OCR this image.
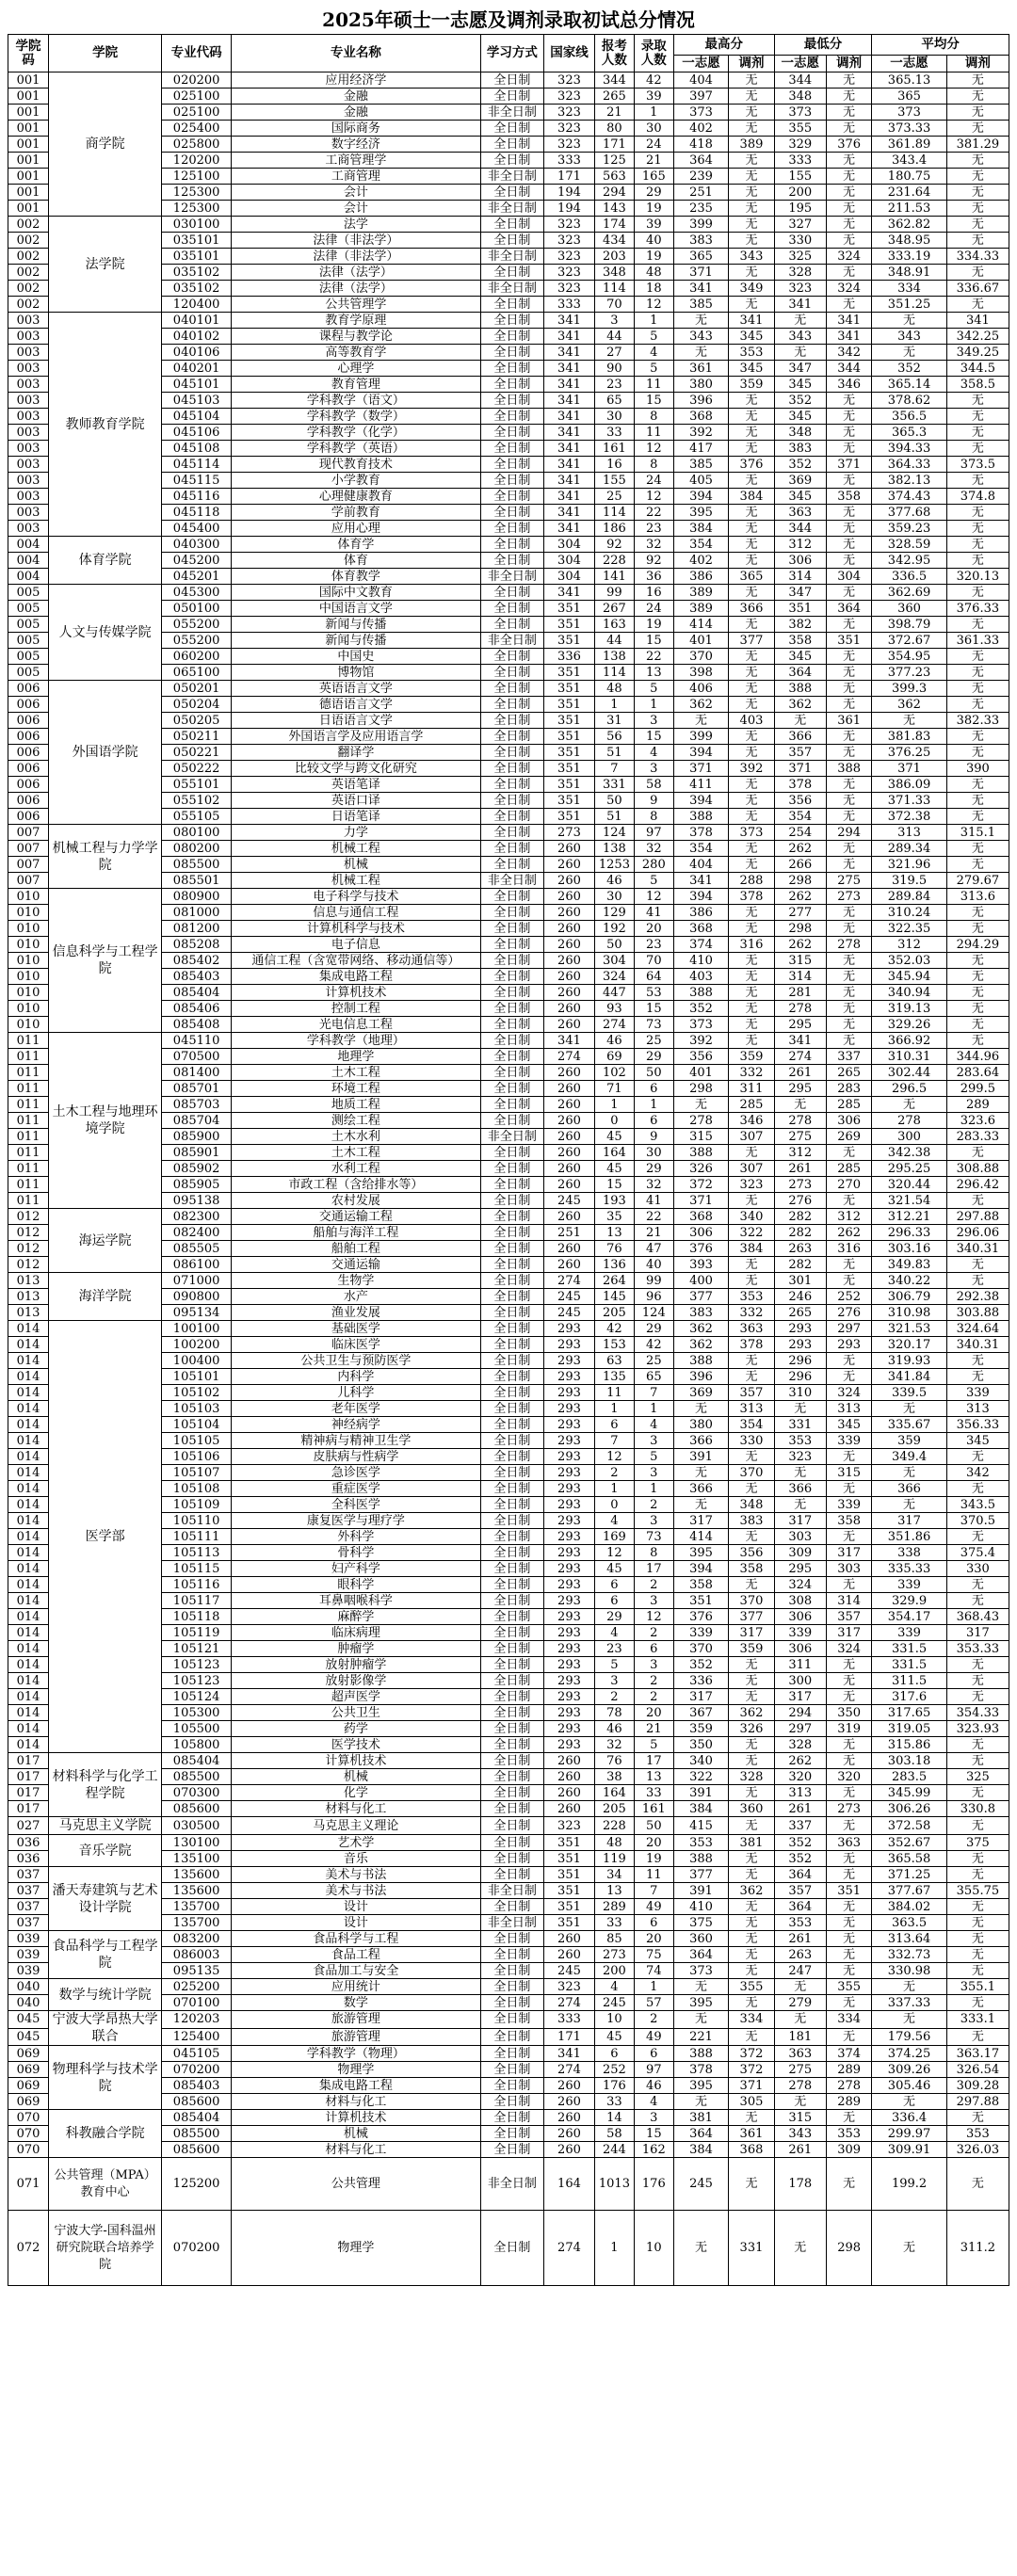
2025年硕士一志愿及调剂录取初试总分情况
学院码	学院	专业代码	专业名称	学习方式	国家线	报考人数	录取人数	最高分		最低分		平均分	
								一志愿	调剂	一志愿	调剂	一志愿	调剂
001	商学院	020200	应用经济学	全日制	323	344	42	404	无	344	无	365.13	无
001		025100	金融	全日制	323	265	39	397	无	348	无	365	无
001		025100	金融	非全日制	323	21	1	373	无	373	无	373	无
001		025400	国际商务	全日制	323	80	30	402	无	355	无	373.33	无
001		025800	数字经济	全日制	323	171	24	418	389	329	376	361.89	381.29
001		120200	工商管理学	全日制	333	125	21	364	无	333	无	343.4	无
001		125100	工商管理	非全日制	171	563	165	239	无	155	无	180.75	无
001		125300	会计	全日制	194	294	29	251	无	200	无	231.64	无
001		125300	会计	非全日制	194	143	19	235	无	195	无	211.53	无
002	法学院	030100	法学	全日制	323	174	39	399	无	327	无	362.82	无
002		035101	法律（非法学）	全日制	323	434	40	383	无	330	无	348.95	无
002		035101	法律（非法学）	非全日制	323	203	19	365	343	325	324	333.19	334.33
002		035102	法律（法学）	全日制	323	348	48	371	无	328	无	348.91	无
002		035102	法律（法学）	非全日制	323	114	18	341	349	323	324	334	336.67
002		120400	公共管理学	全日制	333	70	12	385	无	341	无	351.25	无
003	教师教育学院	040101	教育学原理	全日制	341	3	1	无	341	无	341	无	341
003		040102	课程与教学论	全日制	341	44	5	343	345	343	341	343	342.25
003		040106	高等教育学	全日制	341	27	4	无	353	无	342	无	349.25
003		040201	心理学	全日制	341	90	5	361	345	347	344	352	344.5
003		045101	教育管理	全日制	341	23	11	380	359	345	346	365.14	358.5
003		045103	学科教学（语文）	全日制	341	65	15	396	无	352	无	378.62	无
003		045104	学科教学（数学）	全日制	341	30	8	368	无	345	无	356.5	无
003		045106	学科教学（化学）	全日制	341	33	11	392	无	348	无	365.3	无
003		045108	学科教学（英语）	全日制	341	161	12	417	无	383	无	394.33	无
003		045114	现代教育技术	全日制	341	16	8	385	376	352	371	364.33	373.5
003		045115	小学教育	全日制	341	155	24	405	无	369	无	382.13	无
003		045116	心理健康教育	全日制	341	25	12	394	384	345	358	374.43	374.8
003		045118	学前教育	全日制	341	114	22	395	无	363	无	377.68	无
003		045400	应用心理	全日制	341	186	23	384	无	344	无	359.23	无
004	体育学院	040300	体育学	全日制	304	92	32	354	无	312	无	328.59	无
004		045200	体育	全日制	304	228	92	402	无	306	无	342.95	无
004		045201	体育教学	非全日制	304	141	36	386	365	314	304	336.5	320.13
005	人文与传媒学院	045300	国际中文教育	全日制	341	99	16	389	无	347	无	362.69	无
005		050100	中国语言文学	全日制	351	267	24	389	366	351	364	360	376.33
005		055200	新闻与传播	全日制	351	163	19	414	无	382	无	398.79	无
005		055200	新闻与传播	非全日制	351	44	15	401	377	358	351	372.67	361.33
005		060200	中国史	全日制	336	138	22	370	无	345	无	354.95	无
005		065100	博物馆	全日制	351	114	13	398	无	364	无	377.23	无
006	外国语学院	050201	英语语言文学	全日制	351	48	5	406	无	388	无	399.3	无
006		050204	德语语言文学	全日制	351	1	1	362	无	362	无	362	无
006		050205	日语语言文学	全日制	351	31	3	无	403	无	361	无	382.33
006		050211	外国语言学及应用语言学	全日制	351	56	15	399	无	366	无	381.83	无
006		050221	翻译学	全日制	351	51	4	394	无	357	无	376.25	无
006		050222	比较文学与跨文化研究	全日制	351	7	3	371	392	371	388	371	390
006		055101	英语笔译	全日制	351	331	58	411	无	378	无	386.09	无
006		055102	英语口译	全日制	351	50	9	394	无	356	无	371.33	无
006		055105	日语笔译	全日制	351	51	8	388	无	354	无	372.38	无
007	机械工程与力学学院	080100	力学	全日制	273	124	97	378	373	254	294	313	315.1
007		080200	机械工程	全日制	260	138	32	354	无	262	无	289.34	无
007		085500	机械	全日制	260	1253	280	404	无	266	无	321.96	无
007		085501	机械工程	非全日制	260	46	5	341	288	298	275	319.5	279.67
010	信息科学与工程学院	080900	电子科学与技术	全日制	260	30	12	394	378	262	273	289.84	313.6
010		081000	信息与通信工程	全日制	260	129	41	386	无	277	无	310.24	无
010		081200	计算机科学与技术	全日制	260	192	20	368	无	298	无	322.35	无
010		085208	电子信息	全日制	260	50	23	374	316	262	278	312	294.29
010		085402	通信工程（含宽带网络、移动通信等）	全日制	260	304	70	410	无	315	无	352.03	无
010		085403	集成电路工程	全日制	260	324	64	403	无	314	无	345.94	无
010		085404	计算机技术	全日制	260	447	53	388	无	281	无	340.94	无
010		085406	控制工程	全日制	260	93	15	352	无	278	无	319.13	无
010		085408	光电信息工程	全日制	260	274	73	373	无	295	无	329.26	无
011	土木工程与地理环境学院	045110	学科教学（地理）	全日制	341	46	25	392	无	341	无	366.92	无
011		070500	地理学	全日制	274	69	29	356	359	274	337	310.31	344.96
011		081400	土木工程	全日制	260	102	50	401	332	261	265	302.44	283.64
011		085701	环境工程	全日制	260	71	6	298	311	295	283	296.5	299.5
011		085703	地质工程	全日制	260	1	1	无	285	无	285	无	289
011		085704	测绘工程	全日制	260	0	6	278	346	278	306	278	323.6
011		085900	土木水利	非全日制	260	45	9	315	307	275	269	300	283.33
011		085901	土木工程	全日制	260	164	30	388	无	312	无	342.38	无
011		085902	水利工程	全日制	260	45	29	326	307	261	285	295.25	308.88
011		085905	市政工程（含给排水等）	全日制	260	15	32	372	323	273	270	320.44	296.42
011		095138	农村发展	全日制	245	193	41	371	无	276	无	321.54	无
012	海运学院	082300	交通运输工程	全日制	260	35	22	368	340	282	312	312.21	297.88
012		082400	船舶与海洋工程	全日制	251	13	21	306	322	282	262	296.33	296.06
012		085505	船舶工程	全日制	260	76	47	376	384	263	316	303.16	340.31
012		086100	交通运输	全日制	260	136	40	393	无	282	无	349.83	无
013	海洋学院	071000	生物学	全日制	274	264	99	400	无	301	无	340.22	无
013		090800	水产	全日制	245	145	96	377	353	246	252	306.79	292.38
013		095134	渔业发展	全日制	245	205	124	383	332	265	276	310.98	303.88
014	医学部	100100	基础医学	全日制	293	42	29	362	363	293	297	321.53	324.64
014		100200	临床医学	全日制	293	153	42	362	378	293	293	320.17	340.31
014		100400	公共卫生与预防医学	全日制	293	63	25	388	无	296	无	319.93	无
014		105101	内科学	全日制	293	135	65	396	无	296	无	341.84	无
014		105102	儿科学	全日制	293	11	7	369	357	310	324	339.5	339
014		105103	老年医学	全日制	293	1	1	无	313	无	313	无	313
014		105104	神经病学	全日制	293	6	4	380	354	331	345	335.67	356.33
014		105105	精神病与精神卫生学	全日制	293	7	3	366	330	353	339	359	345
014		105106	皮肤病与性病学	全日制	293	12	5	391	无	323	无	349.4	无
014		105107	急诊医学	全日制	293	2	3	无	370	无	315	无	342
014		105108	重症医学	全日制	293	1	1	366	无	366	无	366	无
014		105109	全科医学	全日制	293	0	2	无	348	无	339	无	343.5
014		105110	康复医学与理疗学	全日制	293	4	3	317	383	317	358	317	370.5
014		105111	外科学	全日制	293	169	73	414	无	303	无	351.86	无
014		105113	骨科学	全日制	293	12	8	395	356	309	317	338	375.4
014		105115	妇产科学	全日制	293	45	17	394	358	295	303	335.33	330
014		105116	眼科学	全日制	293	6	2	358	无	324	无	339	无
014		105117	耳鼻咽喉科学	全日制	293	6	3	351	370	308	314	329.9	无
014		105118	麻醉学	全日制	293	29	12	376	377	306	357	354.17	368.43
014		105119	临床病理	全日制	293	4	2	339	317	339	317	339	317
014		105121	肿瘤学	全日制	293	23	6	370	359	306	324	331.5	353.33
014		105123	放射肿瘤学	全日制	293	5	3	352	无	311	无	331.5	无
014		105123	放射影像学	全日制	293	3	2	336	无	300	无	311.5	无
014		105124	超声医学	全日制	293	2	2	317	无	317	无	317.6	无
014		105300	公共卫生	全日制	293	78	20	367	362	294	350	317.65	354.33
014		105500	药学	全日制	293	46	21	359	326	297	319	319.05	323.93
014		105800	医学技术	全日制	293	32	5	350	无	328	无	315.86	无
017	材料科学与化学工程学院	085404	计算机技术	全日制	260	76	17	340	无	262	无	303.18	无
017		085500	机械	全日制	260	38	13	322	328	320	320	283.5	325
017		070300	化学	全日制	260	164	33	391	无	313	无	345.99	无
017		085600	材料与化工	全日制	260	205	161	384	360	261	273	306.26	330.8
027	马克思主义学院	030500	马克思主义理论	全日制	323	228	50	415	无	337	无	372.58	无
036	音乐学院	130100	艺术学	全日制	351	48	20	353	381	352	363	352.67	375
036		135100	音乐	全日制	351	119	19	388	无	352	无	365.58	无
037	潘天寿建筑与艺术设计学院	135600	美术与书法	全日制	351	34	11	377	无	364	无	371.25	无
037		135600	美术与书法	非全日制	351	13	7	391	362	357	351	377.67	355.75
037		135700	设计	全日制	351	289	49	410	无	364	无	384.02	无
037		135700	设计	非全日制	351	33	6	375	无	353	无	363.5	无
039	食品科学与工程学院	083200	食品科学与工程	全日制	260	85	20	360	无	261	无	313.64	无
039		086003	食品工程	全日制	260	273	75	364	无	263	无	332.73	无
039		095135	食品加工与安全	全日制	245	200	74	373	无	247	无	330.98	无
040	数学与统计学院	025200	应用统计	全日制	323	4	1	无	355	无	355	无	355.1
040		070100	数学	全日制	274	245	57	395	无	279	无	337.33	无
045	宁波大学昂热大学联合	120203	旅游管理	全日制	333	10	2	无	334	无	334	无	333.1
045		125400	旅游管理	全日制	171	45	49	221	无	181	无	179.56	无
069	物理科学与技术学院	045105	学科教学（物理）	全日制	341	6	6	388	372	363	374	374.25	363.17
069		070200	物理学	全日制	274	252	97	378	372	275	289	309.26	326.54
069		085403	集成电路工程	全日制	260	176	46	395	371	278	278	305.46	309.28
069		085600	材料与化工	全日制	260	33	4	无	305	无	289	无	297.88
070	科教融合学院	085404	计算机技术	全日制	260	14	3	381	无	315	无	336.4	无
070		085500	机械	全日制	260	58	15	364	361	343	353	299.97	353
070		085600	材料与化工	全日制	260	244	162	384	368	261	309	309.91	326.03
071	公共管理（MPA）教育中心	125200	公共管理	非全日制	164	1013	176	245	无	178	无	199.2	无
072	宁波大学-国科温州研究院联合培养学院	070200	物理学	全日制	274	1	10	无	331	无	298	无	311.2
